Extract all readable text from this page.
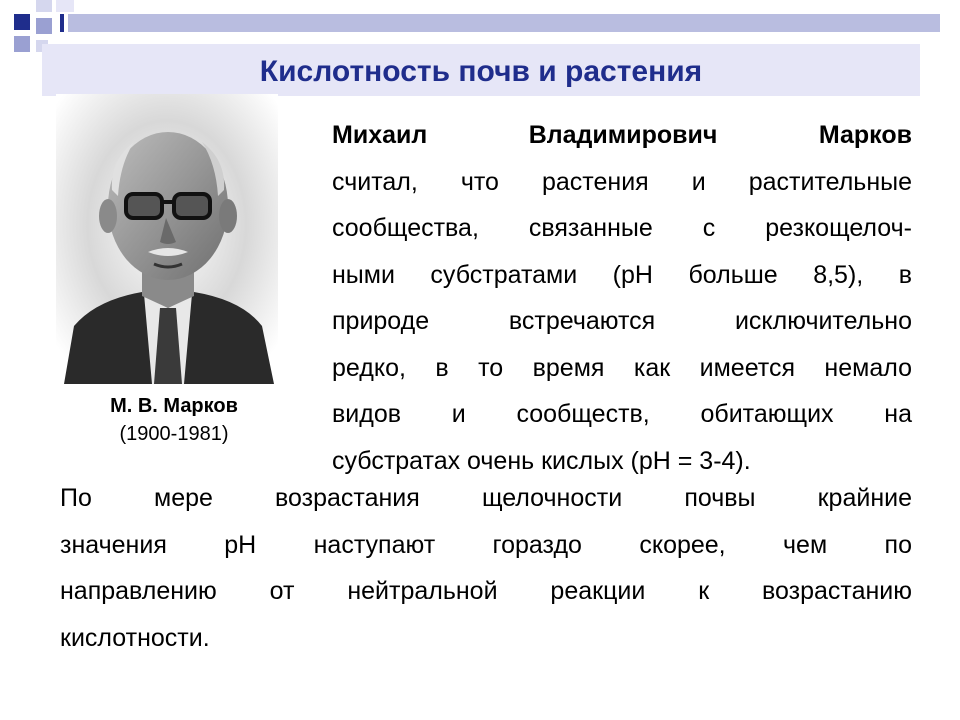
Кислотность почв и растения
М. В. Марков
(1900-1981)

Михаил Владимирович Марков
считал, что растения и растительные
сообщества, связанные с резкощелоч-
ными субстратами (рН больше 8,5), в
природе встречаются исключительно
редко, в то время как имеется немало
видов и сообществ, обитающих на
субстратах очень кислых (рН = 3-4).

По мере возрастания щелочности почвы крайние
значения рН наступают гораздо скорее, чем по
направлению от нейтральной реакции к возрастанию
кислотности.
